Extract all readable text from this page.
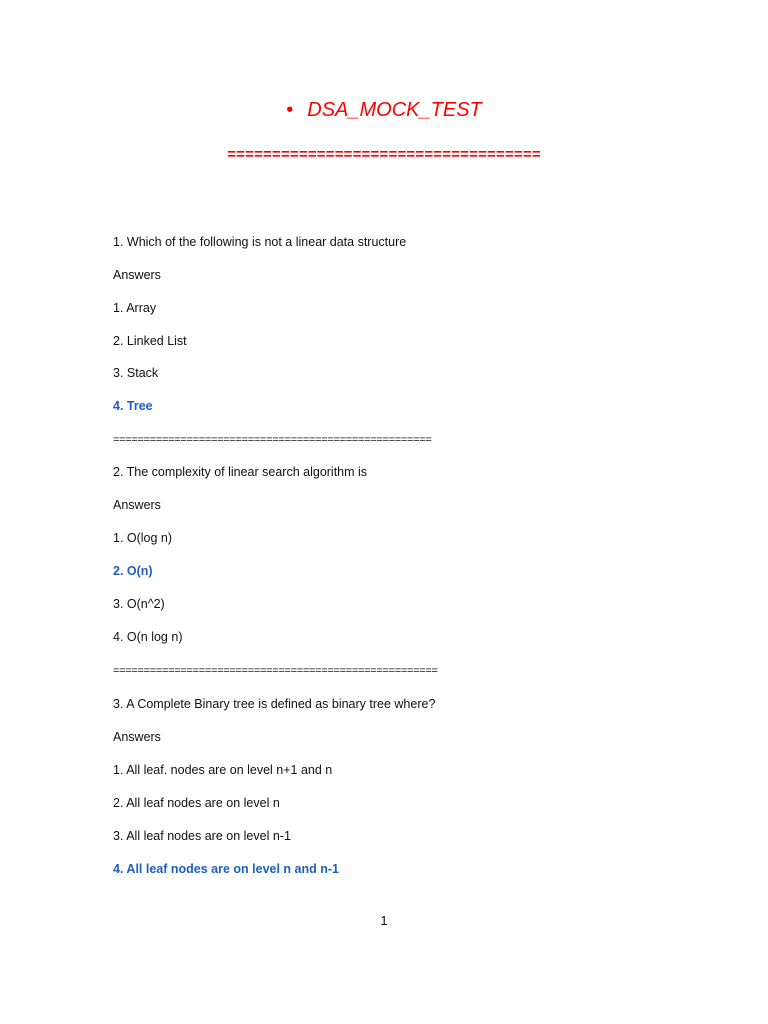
• DSA_MOCK_TEST
===================================
1. Which of the following is not a linear data structure
Answers
1. Array
2. Linked List
3. Stack
4. Tree
====================================================
2. The complexity of linear search algorithm is
Answers
1. O(log n)
2. O(n)
3. O(n^2)
4. O(n log n)
=====================================================
3. A Complete Binary tree is defined as binary tree where?
Answers
1. All leaf. nodes are on level n+1 and n
2. All leaf nodes are on level n
3. All leaf nodes are on level n-1
4. All leaf nodes are on level n and n-1
1
